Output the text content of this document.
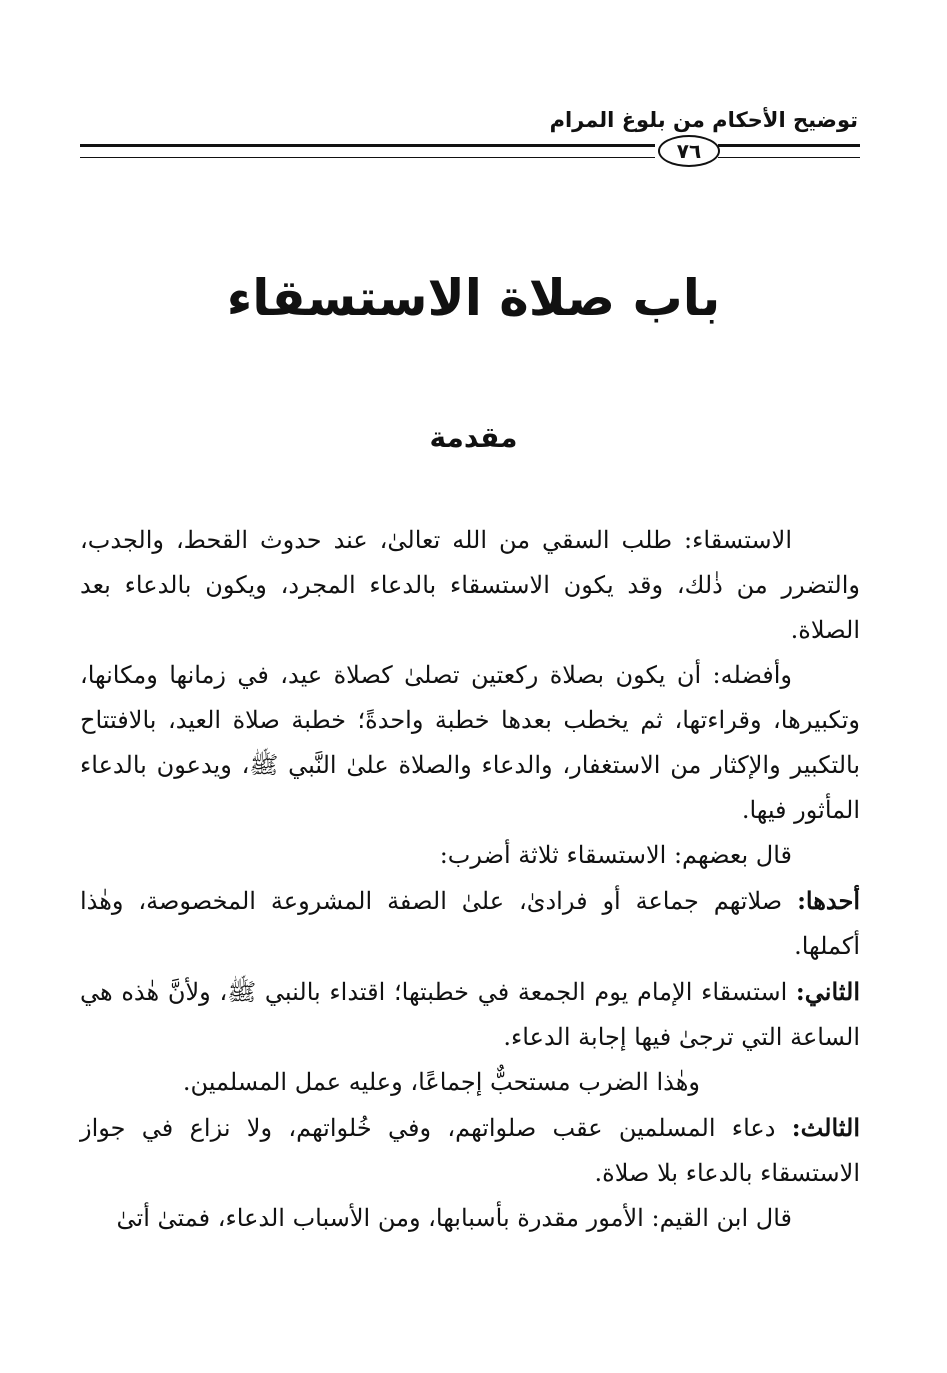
توضيح الأحكام من بلوغ المرام
٧٦
باب صلاة الاستسقاء
مقدمة

الاستسقاء: طلب السقي من الله تعالىٰ، عند حدوث القحط، والجدب، والتضرر من ذٰلك، وقد يكون الاستسقاء بالدعاء المجرد، ويكون بالدعاء بعد الصلاة.

وأفضله: أن يكون بصلاة ركعتين تصلىٰ كصلاة عيد، في زمانها ومكانها، وتكبيرها، وقراءتها، ثم يخطب بعدها خطبة واحدةً؛ خطبة صلاة العيد، بالافتتاح بالتكبير والإكثار من الاستغفار، والدعاء والصلاة علىٰ النَّبي ﷺ، ويدعون بالدعاء المأثور فيها.

قال بعضهم: الاستسقاء ثلاثة أضرب:

أحدها: صلاتهم جماعة أو فرادىٰ، علىٰ الصفة المشروعة المخصوصة، وهٰذا أكملها.

الثاني: استسقاء الإمام يوم الجمعة في خطبتها؛ اقتداء بالنبي ﷺ، ولأنَّ هٰذه هي الساعة التي ترجىٰ فيها إجابة الدعاء.

وهٰذا الضرب مستحبٌّ إجماعًا، وعليه عمل المسلمين.

الثالث: دعاء المسلمين عقب صلواتهم، وفي خُلواتهم، ولا نزاع في جواز الاستسقاء بالدعاء بلا صلاة.

قال ابن القيم: الأمور مقدرة بأسبابها، ومن الأسباب الدعاء، فمتىٰ أتىٰ
